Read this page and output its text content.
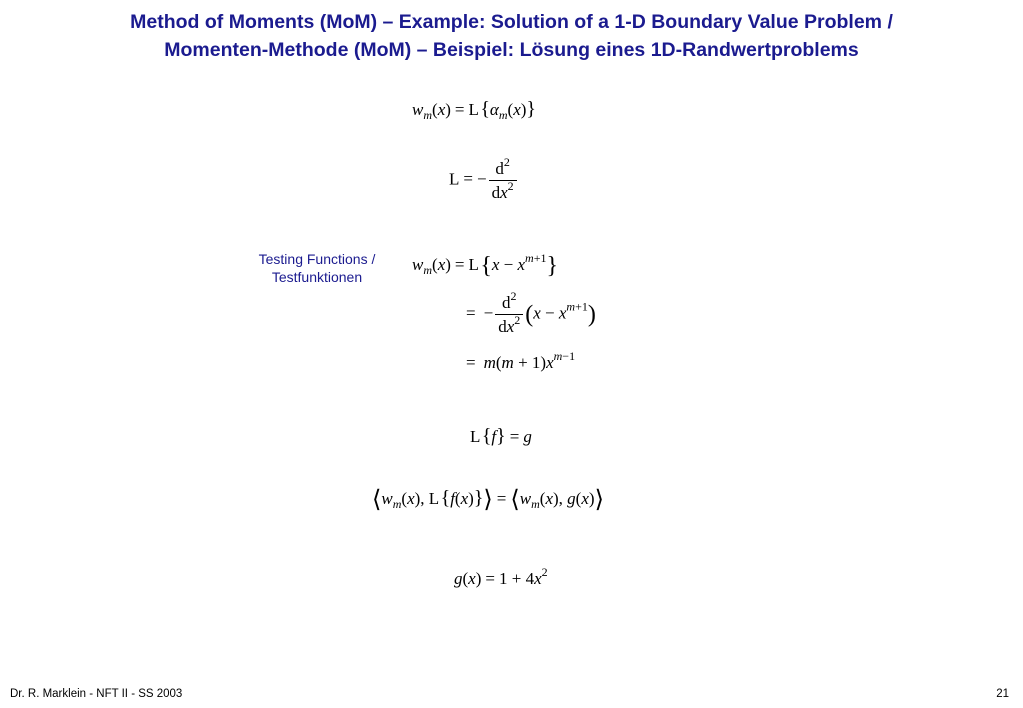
Method of Moments (MoM) – Example: Solution of a 1-D Boundary Value Problem /
Momenten-Methode (MoM) – Beispiel: Lösung eines 1D-Randwertproblems
$w_m(x) = L$ $\{\alpha_m(x)\}$
L = − $\frac{d^2}{dx^2}$
Testing Functions /
Testfunktionen
$w_m(x) = L$ $\{x - x^{m+1}\}$
= − $\frac{d^2}{dx^2} (x - x^{m+1})$
= $m(m + 1)x^{m-1}$
L {f} = g
$⟨w_m(x)$, L {f(x)}⟩ = $⟨w_m(x)$, g(x)⟩
$g(x) = 1 + 4x^2$
Dr. R. Marklein - NFT II - SS 2003	21
